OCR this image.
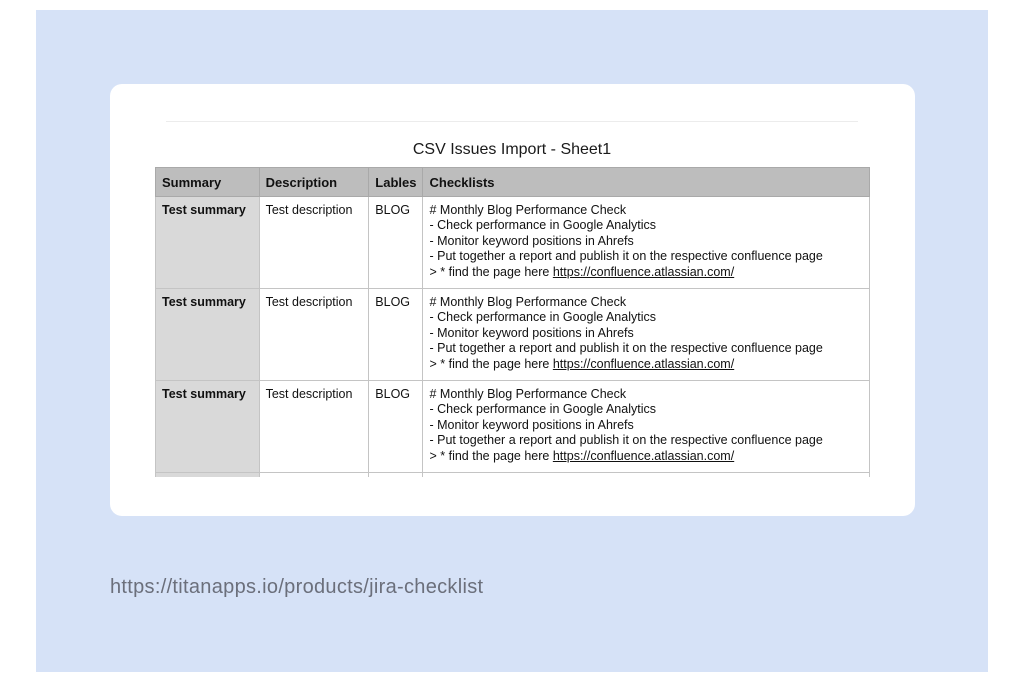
CSV Issues Import - Sheet1
Summary	Description	Lables	Checklists
Test summary	Test description	BLOG	# Monthly Blog Performance Check
- Check performance in Google Analytics
- Monitor keyword positions in Ahrefs
- Put together a report and publish it on the respective confluence page
> * find the page here https://confluence.atlassian.com/

Test summary	Test description	BLOG	# Monthly Blog Performance Check
- Check performance in Google Analytics
- Monitor keyword positions in Ahrefs
- Put together a report and publish it on the respective confluence page
> * find the page here https://confluence.atlassian.com/

Test summary	Test description	BLOG	# Monthly Blog Performance Check
- Check performance in Google Analytics
- Monitor keyword positions in Ahrefs
- Put together a report and publish it on the respective confluence page
> * find the page here https://confluence.atlassian.com/

https://titanapps.io/products/jira-checklist
